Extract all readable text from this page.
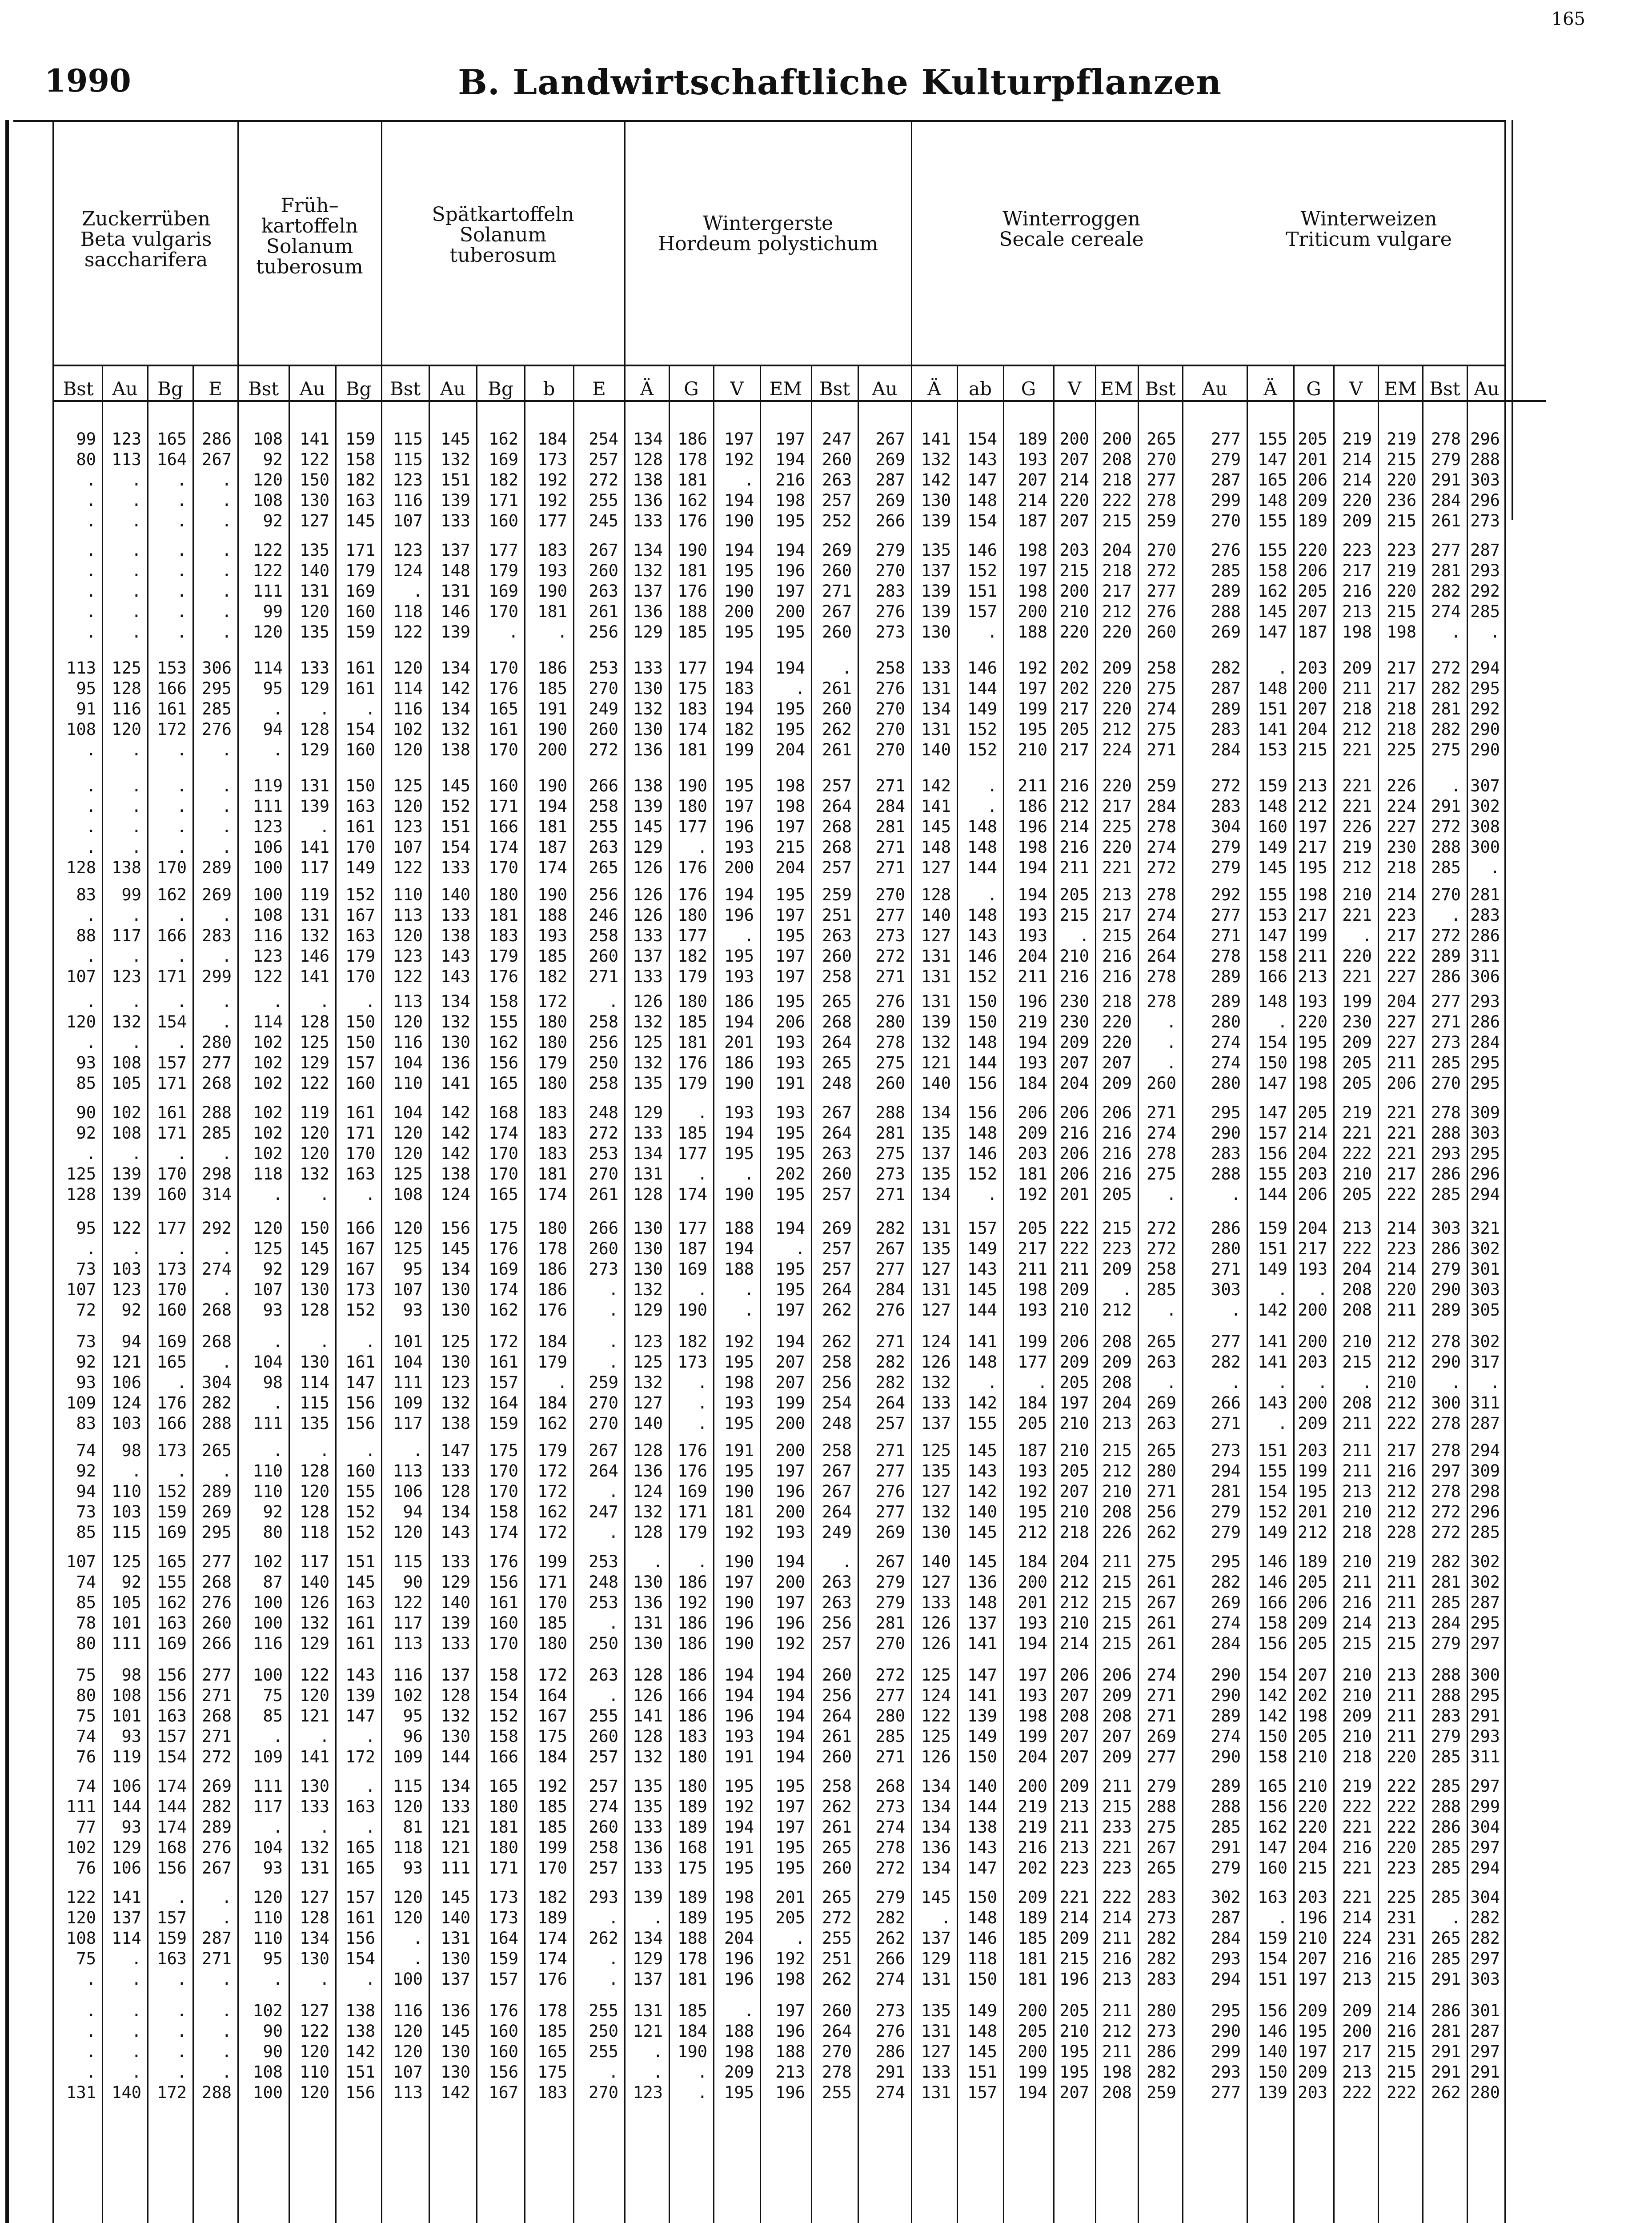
165
1990	B. Landwirtschaftliche Kulturpflanzen
Zuckerrüben
Beta vulgaris
saccharifera
Früh–
kartoffeln
Solanum
tuberosum
Spätkartoffeln
Solanum
tuberosum
Wintergerste
Hordeum polystichum
Winterroggen
Secale cereale
Winterweizen
Triticum vulgare
Bst
99
80
.
.
.
.
.
.
.
.
113
95
91
108
.
.
.
.
.
128
83
.
88
.
107
.
120
.
93
85
90
92
.
125
128
95
.
73
107
72
73
92
93
109
83
74
92
94
73
85
107
74
85
78
80
75
80
75
74
76
74
111
77
102
76
122
120
108
75
.
.
.
.
.
131
Au
123
113
.
.
.
.
.
.
.
.
125
128
116
120
.
.
.
.
.
138
99
.
117
.
123
.
132
.
108
105
102
108
.
139
139
122
.
103
123
92
94
121
106
124
103
98
.
110
103
115
125
92
105
101
111
98
108
101
93
119
106
144
93
129
106
141
137
114
.
.
.
.
.
.
140
Bg
165
164
.
.
.
.
.
.
.
.
153
166
161
172
.
.
.
.
.
170
162
.
166
.
171
.
154
.
157
171
161
171
.
170
160
177
.
173
170
160
169
165
.
176
166
173
.
152
159
169
165
155
162
163
169
156
156
163
157
154
174
144
174
168
156
.
157
159
163
.
.
.
.
.
172
E
286
267
.
.
.
.
.
.
.
.
306
295
285
276
.
.
.
.
.
289
269
.
283
.
299
.
.
280
277
268
288
285
.
298
314
292
.
274
.
268
268
.
304
282
288
265
.
289
269
295
277
268
276
260
266
277
271
268
271
272
269
282
289
276
267
.
.
287
271
.
.
.
.
.
288
Bst
108
92
120
108
92
122
122
111
99
120
114
95
.
94
.
119
111
123
106
100
100
108
116
123
122
.
114
102
102
102
102
102
102
118
.
120
125
92
107
93
.
104
98
.
111
.
110
110
92
80
102
87
100
100
116
100
75
85
.
109
111
117
.
104
93
120
110
110
95
.
102
90
90
108
100
Au
141
122
150
130
127
135
140
131
120
135
133
129
.
128
129
131
139
.
141
117
119
131
132
146
141
.
128
125
129
122
119
120
120
132
.
150
145
129
130
128
.
130
114
115
135
.
128
120
128
118
117
140
126
132
129
122
120
121
.
141
130
133
.
132
131
127
128
134
130
.
127
122
120
110
120
Bg
159
158
182
163
145
171
179
169
160
159
161
161
.
154
160
150
163
161
170
149
152
167
163
179
170
.
150
150
157
160
161
171
170
163
.
166
167
167
173
152
.
161
147
156
156
.
160
155
152
152
151
145
163
161
161
143
139
147
.
172
.
163
.
165
165
157
161
156
154
.
138
138
142
151
156
Bst
115
115
123
116
107
123
124
.
118
122
120
114
116
102
120
125
120
123
107
122
110
113
120
123
122
113
120
116
104
110
104
120
120
125
108
120
125
95
107
93
101
104
111
109
117
.
113
106
94
120
115
90
122
117
113
116
102
95
96
109
115
120
81
118
93
120
120
.
.
100
116
120
120
107
113
Au
145
132
151
139
133
137
148
131
146
139
134
142
134
132
138
145
152
151
154
133
140
133
138
143
143
134
132
130
136
141
142
142
142
138
124
156
145
134
130
130
125
130
123
132
138
147
133
128
134
143
133
129
140
139
133
137
128
132
130
144
134
133
121
121
111
145
140
131
130
137
136
145
130
130
142
Bg
162
169
182
171
160
177
179
169
170
.
170
176
165
161
170
160
171
166
174
170
180
181
183
179
176
158
155
162
156
165
168
174
170
170
165
175
176
169
174
162
172
161
157
164
159
175
170
170
158
174
176
156
161
160
170
158
154
152
158
166
165
180
181
180
171
173
173
164
159
157
176
160
160
156
167
b
184
173
192
192
177
183
193
190
181
.
186
185
191
190
200
190
194
181
187
174
190
188
193
185
182
172
180
180
179
180
183
183
183
181
174
180
178
186
186
176
184
179
.
184
162
179
172
172
162
172
199
171
170
185
180
172
164
167
175
184
192
185
185
199
170
182
189
174
174
176
178
185
165
175
183
E
254
257
272
255
245
267
260
263
261
256
253
270
249
260
272
266
258
255
263
265
256
246
258
260
271
.
258
256
250
258
248
272
253
270
261
266
260
273
.
.
.
.
259
270
270
267
264
.
247
.
253
248
253
.
250
263
.
255
260
257
257
274
260
258
257
293
.
262
.
.
255
250
255
.
270
Ä
134
128
138
136
133
134
132
137
136
129
133
130
132
130
136
138
139
145
129
126
126
126
133
137
133
126
132
125
132
135
129
133
134
131
128
130
130
130
132
129
123
125
132
127
140
128
136
124
132
128
.
130
136
131
130
128
126
141
128
132
135
135
133
136
133
139
.
134
129
137
131
121
.
.
123
G
186
178
181
162
176
190
181
176
188
185
177
175
183
174
181
190
180
177
.
176
176
180
177
182
179
180
185
181
176
179
.
185
177
.
174
177
187
169
.
190
182
173
.
.
.
176
176
169
171
179
.
186
192
186
186
186
166
186
183
180
180
189
189
168
175
189
189
188
178
181
185
184
190
.
.
V
197
192
.
194
190
194
195
190
200
195
194
183
194
182
199
195
197
196
193
200
194
196
.
195
193
186
194
201
186
190
193
194
195
.
190
188
194
188
.
.
192
195
198
193
195
191
195
190
181
192
190
197
190
196
190
194
194
196
193
191
195
192
194
191
195
198
195
204
196
196
.
188
198
209
195
EM
197
194
216
198
195
194
196
197
200
195
194
.
195
195
204
198
198
197
215
204
195
197
195
197
197
195
206
193
193
191
193
195
195
202
195
194
.
195
195
197
194
207
207
199
200
200
197
196
200
193
194
200
197
196
192
194
194
194
194
194
195
197
197
195
195
201
205
.
192
198
197
196
188
213
196
Bst
247
260
263
257
252
269
260
271
267
260
.
261
260
262
261
257
264
268
268
257
259
251
263
260
258
265
268
264
265
248
267
264
263
260
257
269
257
257
264
262
262
258
256
254
248
258
267
267
264
249
.
263
263
256
257
260
256
264
261
260
258
262
261
265
260
265
272
255
251
262
260
264
270
278
255
Au
267
269
287
269
266
279
270
283
276
273
258
276
270
270
270
271
284
281
271
271
270
277
273
272
271
276
280
278
275
260
288
281
275
273
271
282
267
277
284
276
271
282
282
264
257
271
277
276
277
269
267
279
279
281
270
272
277
280
285
271
268
273
274
278
272
279
282
262
266
274
273
276
286
291
274
Ä
141
132
142
130
139
135
137
139
139
130
133
131
134
131
140
142
141
145
148
127
128
140
127
131
131
131
139
132
121
140
134
135
137
135
134
131
135
127
131
127
124
126
132
133
137
125
135
127
132
130
140
127
133
126
126
125
124
122
125
126
134
134
134
136
134
145
.
137
129
131
135
131
127
133
131
ab
154
143
147
148
154
146
152
151
157
.
146
144
149
152
152
.
.
148
148
144
.
148
143
146
152
150
150
148
144
156
156
148
146
152
.
157
149
143
145
144
141
148
.
142
155
145
143
142
140
145
145
136
148
137
141
147
141
139
149
150
140
144
138
143
147
150
148
146
118
150
149
148
145
151
157
G
189
193
207
214
187
198
197
198
200
188
192
197
199
195
210
211
186
196
198
194
194
193
193
204
211
196
219
194
193
184
206
209
203
181
192
205
217
211
198
193
199
177
.
184
205
187
193
192
195
212
184
200
201
193
194
197
193
198
199
204
200
219
219
216
202
209
189
185
181
181
200
205
200
199
194
V
200
207
214
220
207
203
215
200
210
220
202
202
217
205
217
216
212
214
216
211
205
215
.
210
216
230
230
209
207
204
206
216
206
206
201
222
222
211
209
210
206
209
205
197
210
210
205
207
210
218
204
212
212
210
214
206
207
208
207
207
209
213
211
213
223
221
214
209
215
196
205
210
195
195
207
EM
200
208
218
222
215
204
218
217
212
220
209
220
220
212
224
220
217
225
220
221
213
217
215
216
216
218
220
220
207
209
206
216
216
216
205
215
223
209
.
212
208
209
208
204
213
215
212
210
208
226
211
215
215
215
215
206
209
208
207
209
211
215
233
221
223
222
214
211
216
213
211
212
211
198
208
Bst
265
270
277
278
259
270
272
277
276
260
258
275
274
275
271
259
284
278
274
272
278
274
264
264
278
278
.
.
.
260
271
274
278
275
.
272
272
258
285
.
265
263
.
269
263
265
280
271
256
262
275
261
267
261
261
274
271
271
269
277
279
288
275
267
265
283
273
282
282
283
280
273
286
282
259
Au
277
279
287
299
270
276
285
289
288
269
282
287
289
283
284
272
283
304
279
279
292
277
271
278
289
289
280
274
274
280
295
290
283
288
.
286
280
271
303
.
277
282
.
266
271
273
294
281
279
279
295
282
269
274
284
290
290
289
274
290
289
288
285
291
279
302
287
284
293
294
295
290
299
293
277
Ä
155
147
165
148
155
155
158
162
145
147
.
148
151
141
153
159
148
160
149
145
155
153
147
158
166
148
.
154
150
147
147
157
156
155
144
159
151
149
.
142
141
141
.
143
.
151
155
154
152
149
146
146
166
158
156
154
142
142
150
158
165
156
162
147
160
163
.
159
154
151
156
146
140
150
139
G
205
201
206
209
189
220
206
205
207
187
203
200
207
204
215
213
212
197
217
195
198
217
199
211
213
193
220
195
198
198
205
214
204
203
206
204
217
193
.
200
200
203
.
200
209
203
199
195
201
212
189
205
206
209
205
207
202
198
205
210
210
220
220
204
215
203
196
210
207
197
209
195
197
209
203
V
219
214
214
220
209
223
217
216
213
198
209
211
218
212
221
221
221
226
219
212
210
221
.
220
221
199
230
209
205
205
219
221
222
210
205
213
222
204
208
208
210
215
.
208
211
211
211
213
210
218
210
211
216
214
215
210
210
209
210
218
219
222
221
216
221
221
214
224
216
213
209
200
217
213
222
EM
219
215
220
236
215
223
219
220
215
198
217
217
218
218
225
226
224
227
230
218
214
223
217
222
227
204
227
227
211
206
221
221
221
217
222
214
223
214
220
211
212
212
210
212
222
217
216
212
212
228
219
211
211
213
215
213
211
211
211
220
222
222
222
220
223
225
231
231
216
215
214
216
215
215
222
Bst
278
279
291
284
261
277
281
282
274
.
272
282
281
282
275
.
291
272
288
285
270
.
272
289
286
277
271
273
285
270
278
288
293
286
285
303
286
279
290
289
278
290
.
300
278
278
297
278
272
272
282
281
285
284
279
288
288
283
279
285
285
288
286
285
285
285
.
265
285
291
286
281
291
291
262
Au
296
288
303
296
273
287
293
292
285
.
294
295
292
290
290
307
302
308
300
.
281
283
286
311
306
293
286
284
295
295
309
303
295
296
294
321
302
301
303
305
302
317
.
311
287
294
309
298
296
285
302
302
287
295
297
300
295
291
293
311
297
299
304
297
294
304
282
282
297
303
301
287
297
291
280
